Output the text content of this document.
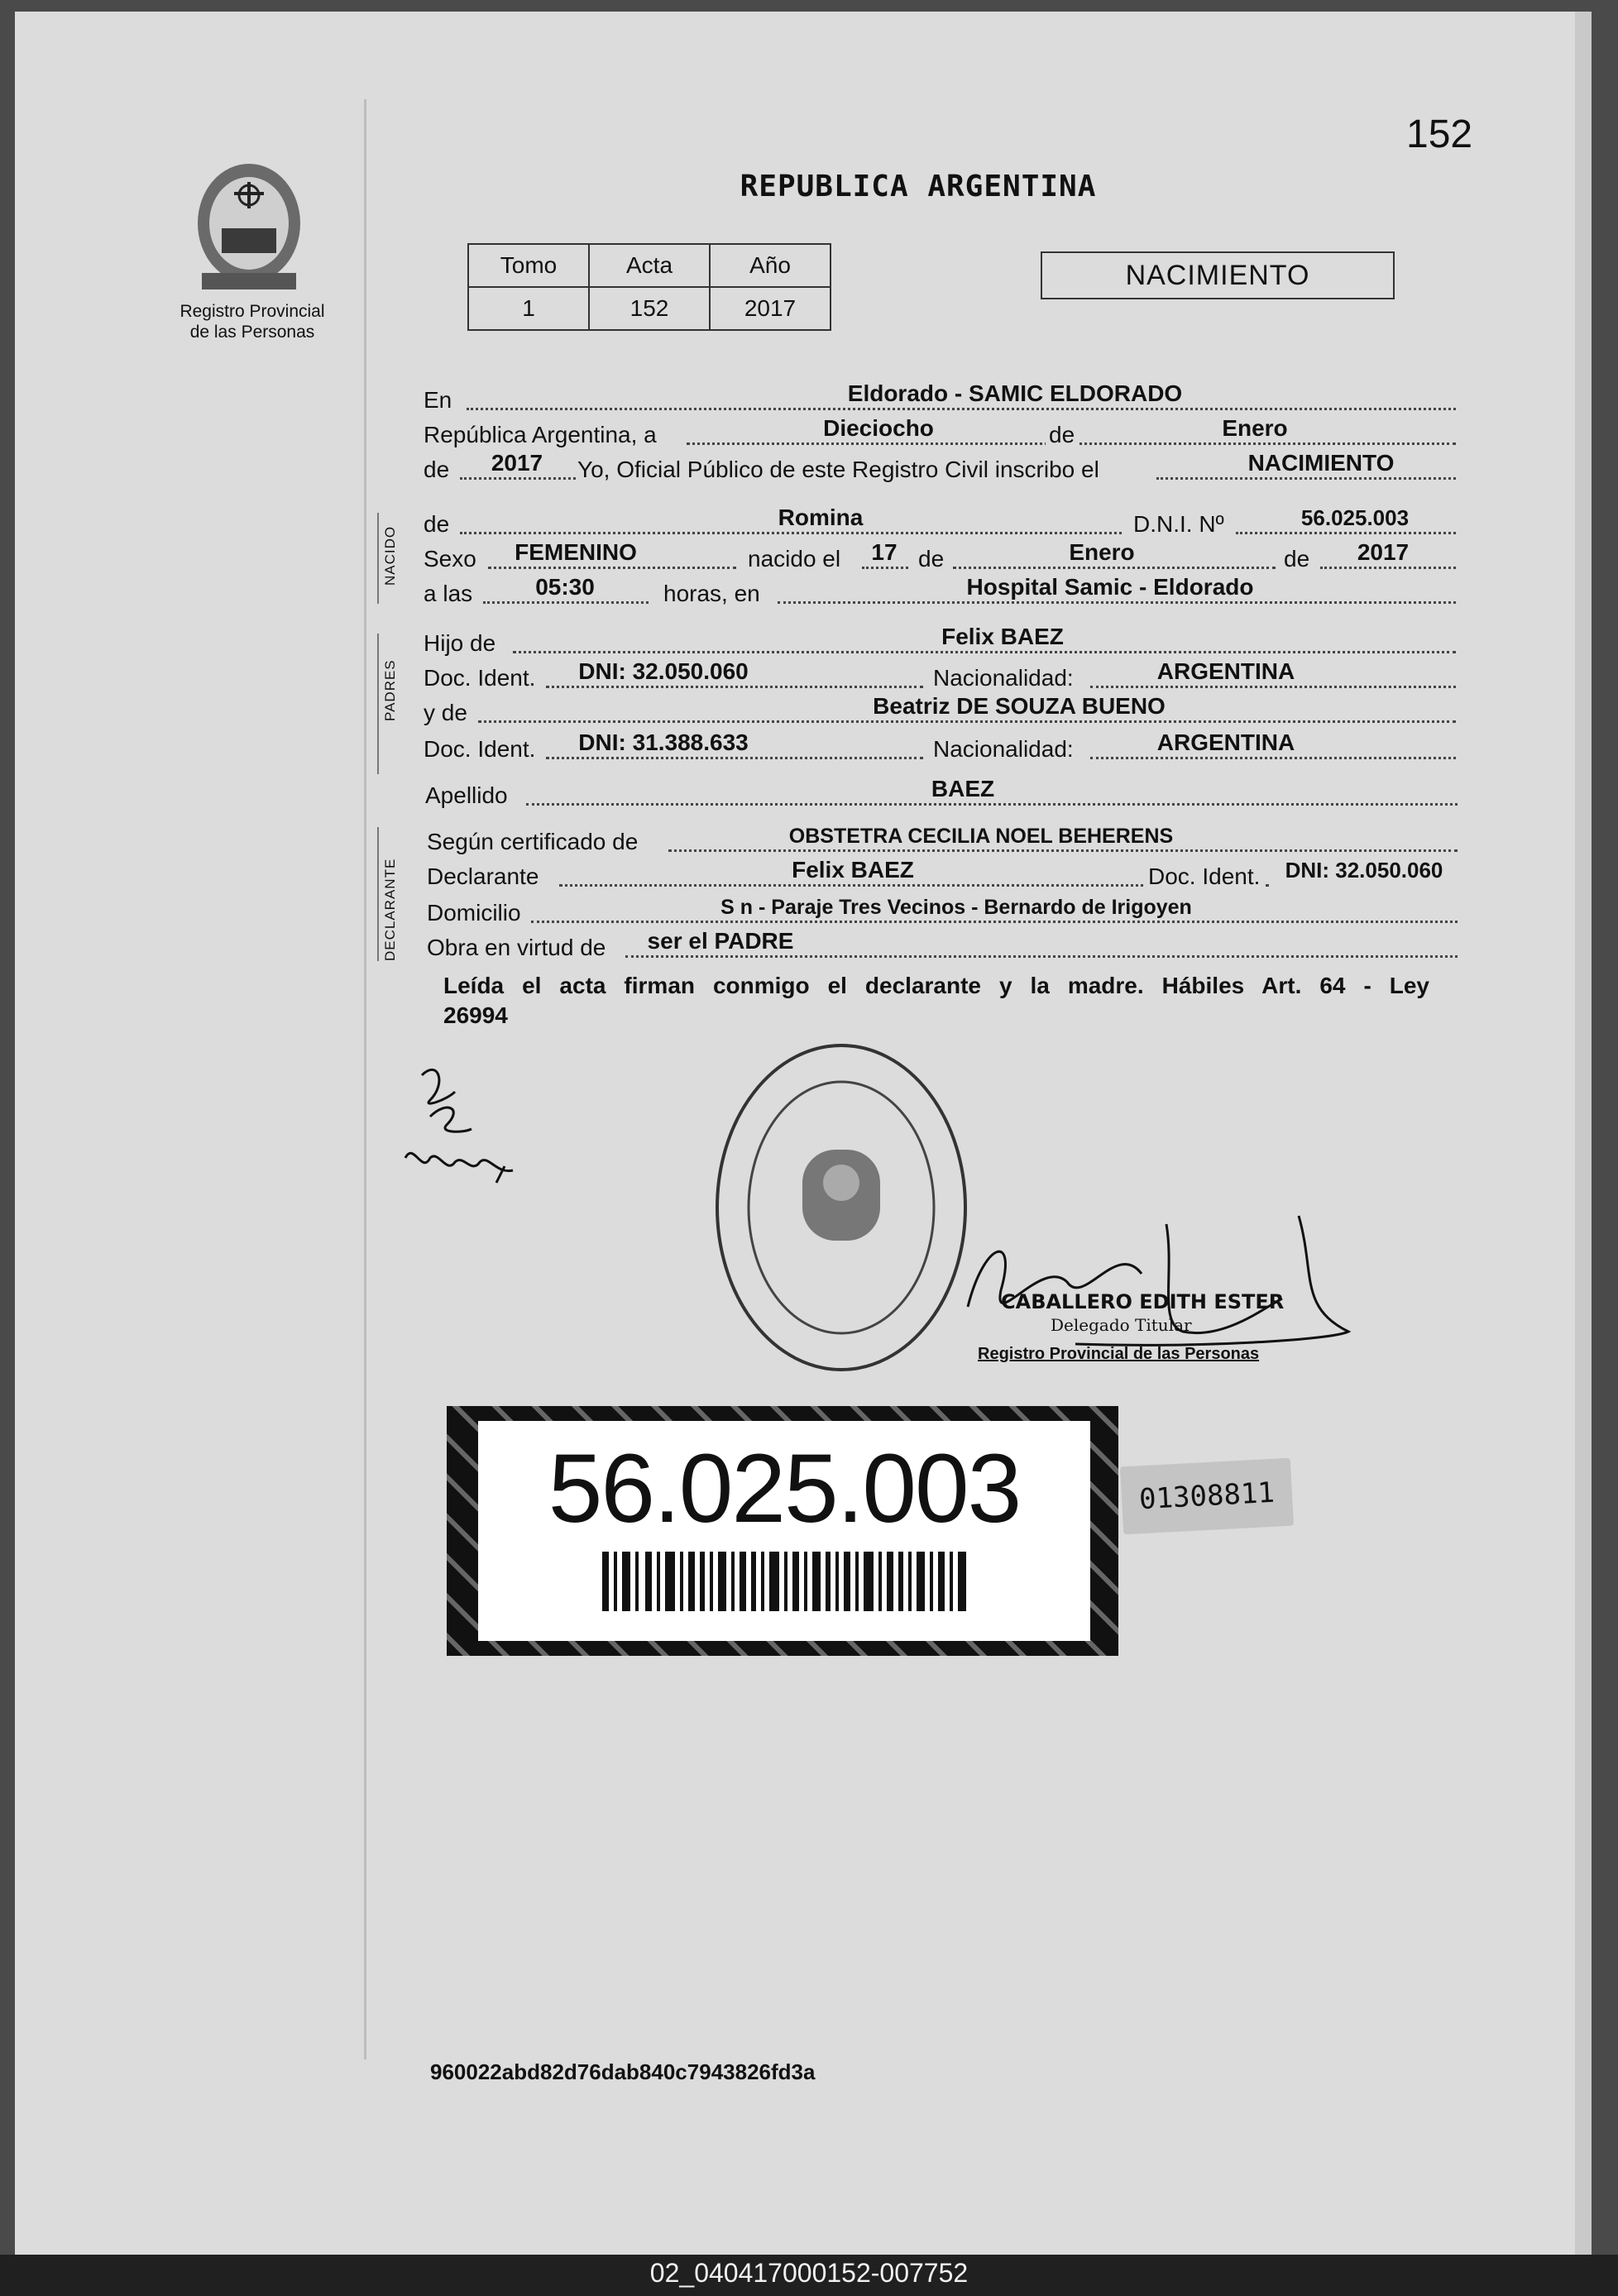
152
Registro Provincial
de las Personas
REPUBLICA ARGENTINA
Tomo	Acta	Año
1	152	2017
NACIMIENTO
En	Eldorado - SAMIC ELDORADO
República Argentina, a	Dieciocho	de	Enero
de	2017	Yo, Oficial Público de este Registro Civil inscribo el	NACIMIENTO
NACIDO
de	Romina	D.N.I. Nº	56.025.003
Sexo	FEMENINO	nacido el	17 de	Enero	de	2017
a las	05:30	horas, en	Hospital Samic - Eldorado
PADRES
Hijo de	Felix BAEZ
Doc. Ident.	DNI: 32.050.060	Nacionalidad:	ARGENTINA
y de	Beatriz DE SOUZA BUENO
Doc. Ident.	DNI: 31.388.633	Nacionalidad:	ARGENTINA
Apellido	BAEZ
DECLARANTE
Según certificado de	OBSTETRA CECILIA NOEL BEHERENS
Declarante	Felix BAEZ	Doc. Ident.	DNI: 32.050.060
Domicilio	S n - Paraje Tres Vecinos - Bernardo de Irigoyen
Obra en virtud de	ser el PADRE
Leída el acta firman conmigo el declarante y la madre. Hábiles Art. 64 - Ley
26994
CABALLERO EDITH ESTER
Delegado Titular
Registro Provincial de las Personas
56.025.003	01308811
960022abd82d76dab840c7943826fd3a
02_040417000152-007752
